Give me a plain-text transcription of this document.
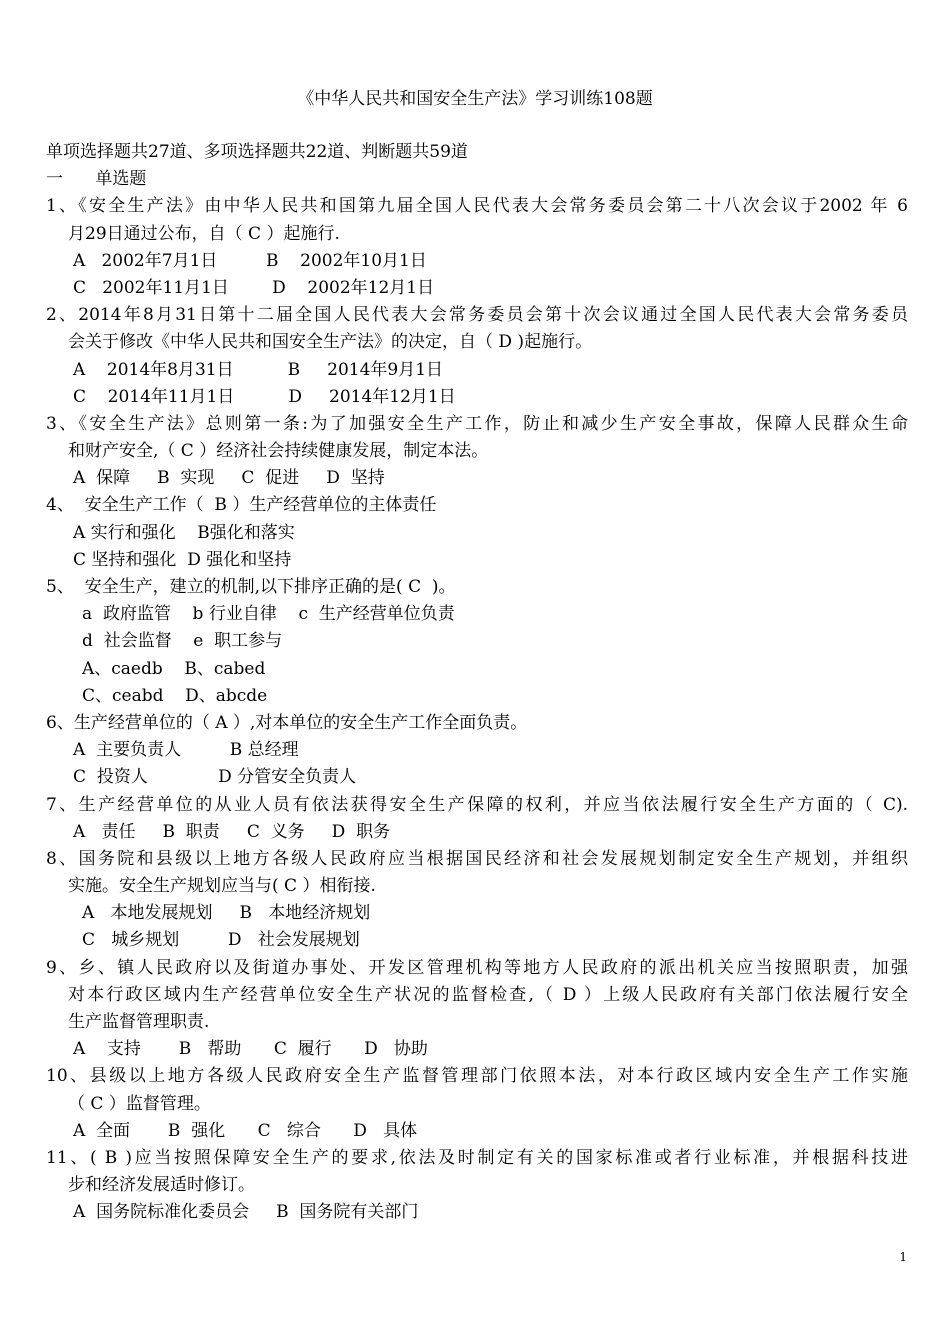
《中华人民共和国安全生产法》学习训练108题
单项选择题共27道、多项选择题共22道、判断题共59道
一      单选题
1、《安全生产法》由中华人民共和国第九届全国人民代表大会常务委员会第二十八次会议于2002 年 6
月29日通过公布，自（ C ）起施行.
A   2002年7月1日         B    2002年10月1日
C   2002年11月1日        D    2002年12月1日
2、2014年8月31日第十二届全国人民代表大会常务委员会第十次会议通过全国人民代表大会常务委员
会关于修改《中华人民共和国安全生产法》的决定，自（ D )起施行。
A    2014年8月31日          B     2014年9月1日
C    2014年11月1日          D     2014年12月1日
3、《安全生产法》总则第一条:为了加强安全生产工作，防止和减少生产安全事故，保障人民群众生命
和财产安全,（ C ）经济社会持续健康发展，制定本法。
A  保障     B  实现     C  促进     D  坚持
4、  安全生产工作（  B ）生产经营单位的主体责任
A 实行和强化    B强化和落实
C 坚持和强化  D 强化和坚持
5、  安全生产，建立的机制,以下排序正确的是( C  )。
a  政府监管    b 行业自律    c  生产经营单位负责
d  社会监督    e  职工参与
A、caedb    B、cabed
C、ceabd    D、abcde
6、生产经营单位的（ A ）,对本单位的安全生产工作全面负责。
A  主要负责人         B 总经理
C  投资人             D 分管安全负责人
7、生产经营单位的从业人员有依法获得安全生产保障的权利，并应当依法履行安全生产方面的（ C).
A   责任     B  职责     C  义务     D  职务
8、国务院和县级以上地方各级人民政府应当根据国民经济和社会发展规划制定安全生产规划，并组织
实施。安全生产规划应当与( C ）相衔接.
A   本地发展规划     B   本地经济规划
C   城乡规划         D   社会发展规划
9、乡、镇人民政府以及街道办事处、开发区管理机构等地方人民政府的派出机关应当按照职责，加强
对本行政区域内生产经营单位安全生产状况的监督检查,（ D ）上级人民政府有关部门依法履行安全
生产监督管理职责.
A    支持       B   帮助      C  履行      D   协助
10、县级以上地方各级人民政府安全生产监督管理部门依照本法，对本行政区域内安全生产工作实施
（ C ）监督管理。
A  全面       B  强化      C   综合      D   具体
11、( B )应当按照保障安全生产的要求,依法及时制定有关的国家标准或者行业标准，并根据科技进
步和经济发展适时修订。
A  国务院标准化委员会     B  国务院有关部门
1
